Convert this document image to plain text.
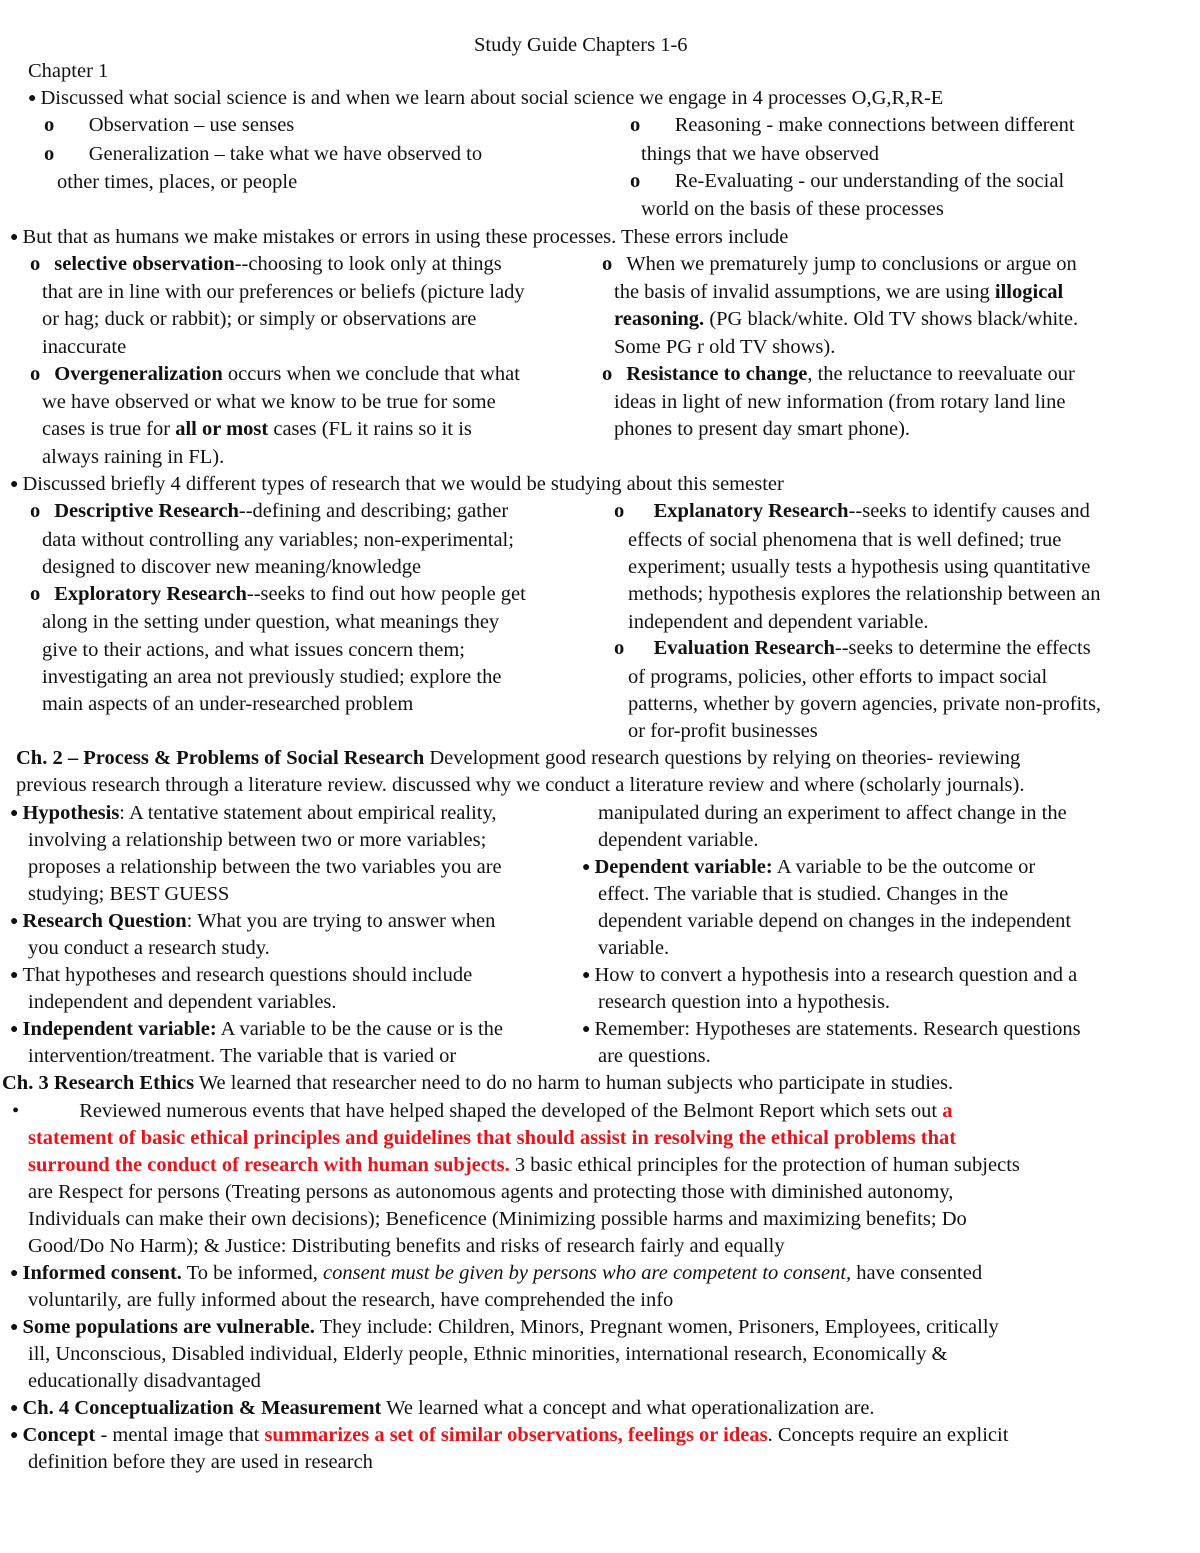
Study Guide Chapters 1-6
Chapter 1
● Discussed what social science is and when we learn about social science we engage in 4 processes O,G,R,R-E
o Observation – use senses
o Generalization – take what we have observed to
other times, places, or people
o Reasoning - make connections between different
things that we have observed
o Re-Evaluating - our understanding of the social
world on the basis of these processes
● But that as humans we make mistakes or errors in using these processes. These errors include
o selective observation--choosing to look only at things
that are in line with our preferences or beliefs (picture lady
or hag; duck or rabbit); or simply or observations are
inaccurate
o Overgeneralization occurs when we conclude that what
we have observed or what we know to be true for some
cases is true for all or most cases (FL it rains so it is
always raining in FL).
o When we prematurely jump to conclusions or argue on
the basis of invalid assumptions, we are using illogical
reasoning. (PG black/white. Old TV shows black/white.
Some PG r old TV shows).
o Resistance to change, the reluctance to reevaluate our
ideas in light of new information (from rotary land line
phones to present day smart phone).
● Discussed briefly 4 different types of research that we would be studying about this semester
o Descriptive Research--defining and describing; gather
data without controlling any variables; non-experimental;
designed to discover new meaning/knowledge
o Exploratory Research--seeks to find out how people get
along in the setting under question, what meanings they
give to their actions, and what issues concern them;
investigating an area not previously studied; explore the
main aspects of an under-researched problem
o Explanatory Research--seeks to identify causes and
effects of social phenomena that is well defined; true
experiment; usually tests a hypothesis using quantitative
methods; hypothesis explores the relationship between an
independent and dependent variable.
o Evaluation Research--seeks to determine the effects
of programs, policies, other efforts to impact social
patterns, whether by govern agencies, private non-profits,
or for-profit businesses
Ch. 2 – Process & Problems of Social Research Development good research questions by relying on theories- reviewing
previous research through a literature review. discussed why we conduct a literature review and where (scholarly journals).
● Hypothesis: A tentative statement about empirical reality,
involving a relationship between two or more variables;
proposes a relationship between the two variables you are
studying; BEST GUESS
● Research Question: What you are trying to answer when
you conduct a research study.
● That hypotheses and research questions should include
independent and dependent variables.
● Independent variable: A variable to be the cause or is the
intervention/treatment. The variable that is varied or
manipulated during an experiment to affect change in the
dependent variable.
● Dependent variable: A variable to be the outcome or
effect. The variable that is studied. Changes in the
dependent variable depend on changes in the independent
variable.
● How to convert a hypothesis into a research question and a
research question into a hypothesis.
● Remember: Hypotheses are statements. Research questions
are questions.
Ch. 3 Research Ethics We learned that researcher need to do no harm to human subjects who participate in studies.
•	Reviewed numerous events that have helped shaped the developed of the Belmont Report which sets out a
statement of basic ethical principles and guidelines that should assist in resolving the ethical problems that
surround the conduct of research with human subjects. 3 basic ethical principles for the protection of human subjects
are Respect for persons (Treating persons as autonomous agents and protecting those with diminished autonomy,
Individuals can make their own decisions); Beneficence (Minimizing possible harms and maximizing benefits; Do
Good/Do No Harm); & Justice: Distributing benefits and risks of research fairly and equally
● Informed consent. To be informed, consent must be given by persons who are competent to consent, have consented
voluntarily, are fully informed about the research, have comprehended the info
● Some populations are vulnerable. They include: Children, Minors, Pregnant women, Prisoners, Employees, critically
ill, Unconscious, Disabled individual, Elderly people, Ethnic minorities, international research, Economically &
educationally disadvantaged
● Ch. 4 Conceptualization & Measurement We learned what a concept and what operationalization are.
● Concept - mental image that summarizes a set of similar observations, feelings or ideas. Concepts require an explicit
definition before they are used in research
